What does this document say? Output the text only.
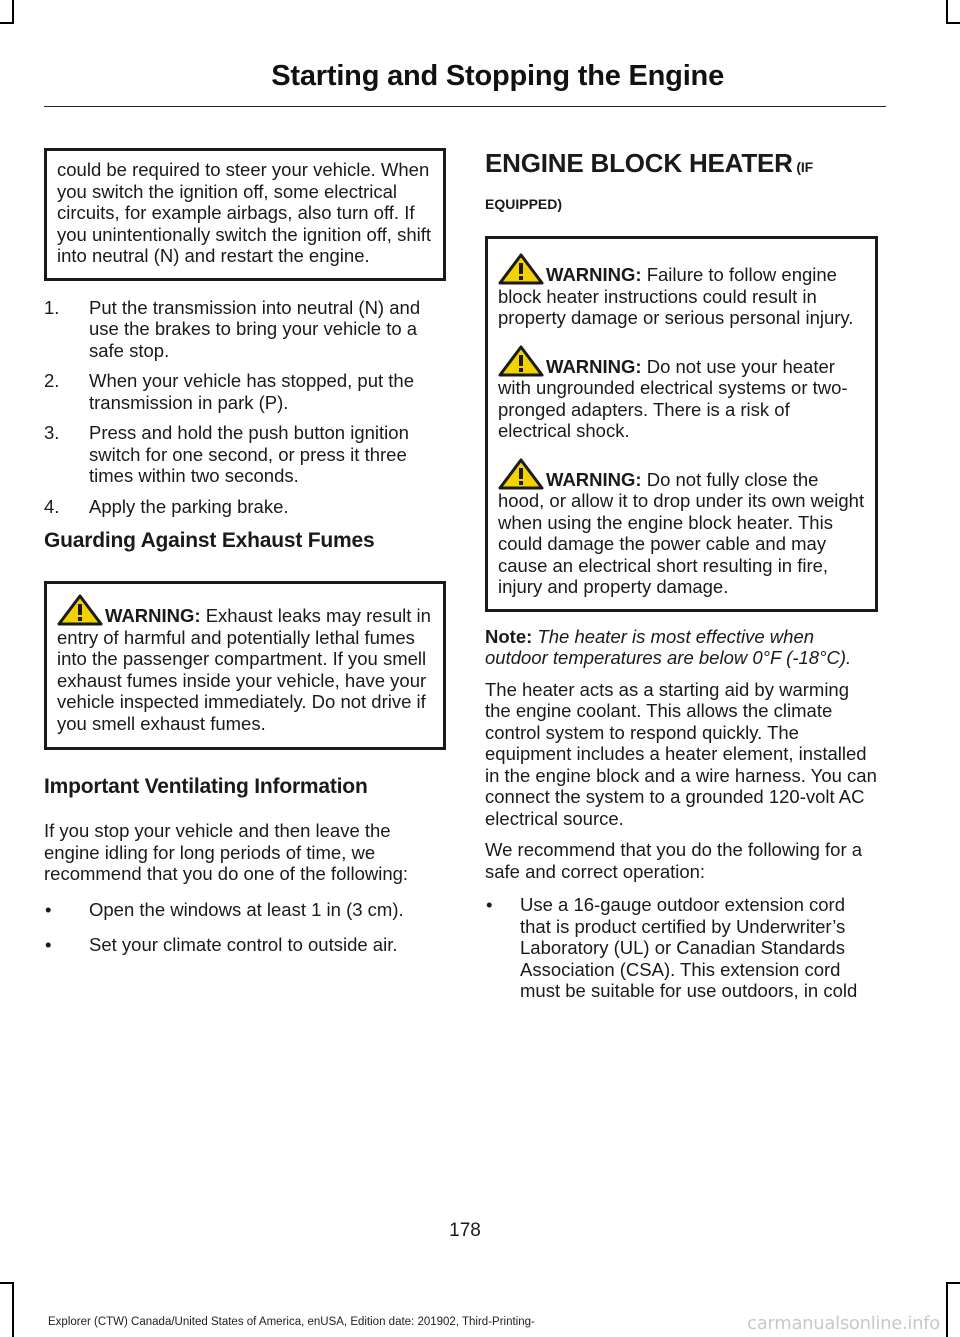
Starting and Stopping the Engine

could be required to steer your vehicle. When you switch the ignition off, some electrical circuits, for example airbags, also turn off. If you unintentionally switch the ignition off, shift into neutral (N) and restart the engine.

1. Put the transmission into neutral (N) and use the brakes to bring your vehicle to a safe stop.
2. When your vehicle has stopped, put the transmission in park (P).
3. Press and hold the push button ignition switch for one second, or press it three times within two seconds.
4. Apply the parking brake.
Guarding Against Exhaust Fumes

WARNING: Exhaust leaks may result in entry of harmful and potentially lethal fumes into the passenger compartment. If you smell exhaust fumes inside your vehicle, have your vehicle inspected immediately. Do not drive if you smell exhaust fumes.

Important Ventilating Information

If you stop your vehicle and then leave the engine idling for long periods of time, we recommend that you do one of the following:

• Open the windows at least 1 in (3 cm).
• Set your climate control to outside air.
ENGINE BLOCK HEATER (IF
EQUIPPED)

WARNING: Failure to follow engine block heater instructions could result in property damage or serious personal injury.

WARNING: Do not use your heater with ungrounded electrical systems or two-pronged adapters. There is a risk of electrical shock.

WARNING: Do not fully close the hood, or allow it to drop under its own weight when using the engine block heater. This could damage the power cable and may cause an electrical short resulting in fire, injury and property damage.

Note: The heater is most effective when outdoor temperatures are below 0°F (-18°C).

The heater acts as a starting aid by warming the engine coolant. This allows the climate control system to respond quickly. The equipment includes a heater element, installed in the engine block and a wire harness. You can connect the system to a grounded 120-volt AC electrical source.

We recommend that you do the following for a safe and correct operation:

• Use a 16-gauge outdoor extension cord that is product certified by Underwriter’s Laboratory (UL) or Canadian Standards Association (CSA). This extension cord must be suitable for use outdoors, in cold
178
Explorer (CTW) Canada/United States of America, enUSA, Edition date: 201902, Third-Printing-	carmanualsonline.info
